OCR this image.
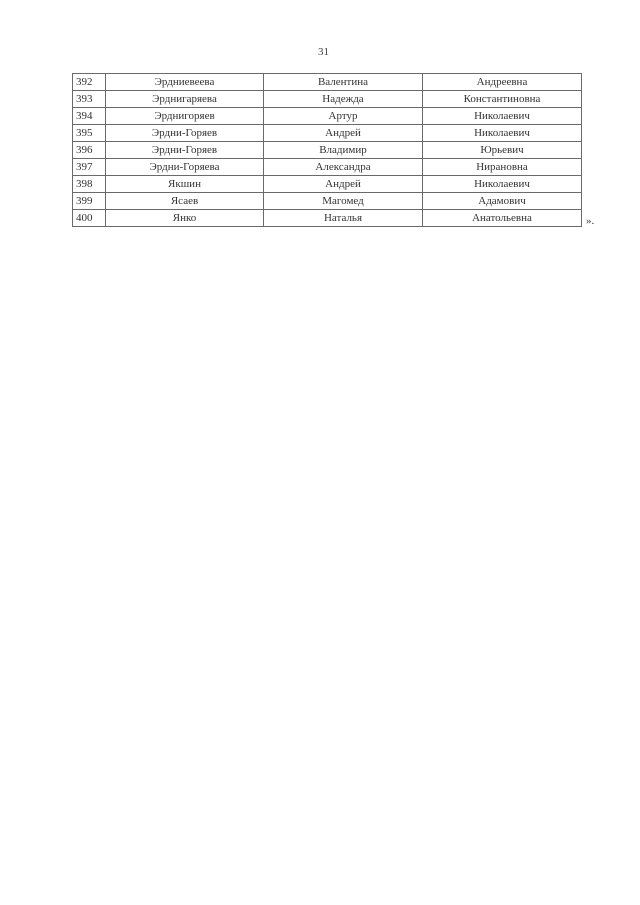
31
392	Эрдниевеева	Валентина	Андреевна
393	Эрднигаряева	Надежда	Константиновна
394	Эрднигоряев	Артур	Николаевич
395	Эрдни-Горяев	Андрей	Николаевич
396	Эрдни-Горяев	Владимир	Юрьевич
397	Эрдни-Горяева	Александра	Нирановна
398	Якшин	Андрей	Николаевич
399	Ясаев	Магомед	Адамович
400	Янко	Наталья	Анатольевна	».
